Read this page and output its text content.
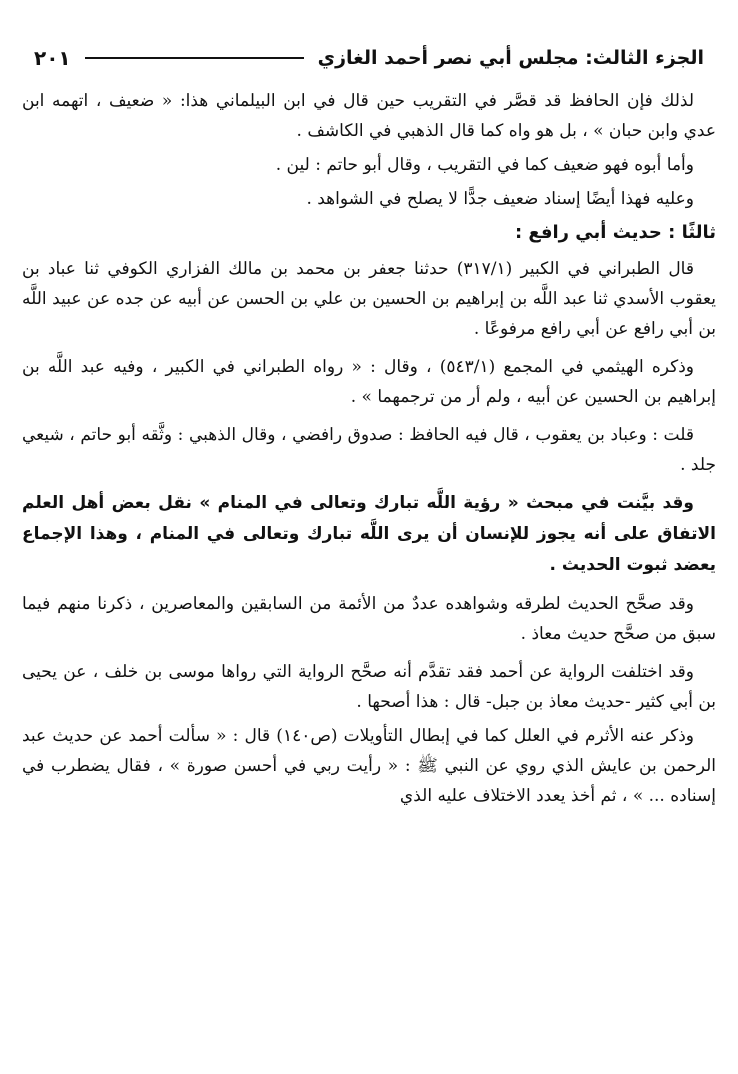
الجزء الثالث: مجلس أبي نصر أحمد الغازي
٢٠١

لذلك فإن الحافظ قد قصَّر في التقريب حين قال في ابن البيلماني هذا: « ضعيف ، اتهمه ابن عدي وابن حبان » ، بل هو واه كما قال الذهبي في الكاشف .

وأما أبوه فهو ضعيف كما في التقريب ، وقال أبو حاتم : لين .

وعليه فهذا أيضًا إسناد ضعيف جدًّا لا يصلح في الشواهد .

ثالثًا : حديث أبي رافع :

قال الطبراني في الكبير (٣١٧/١) حدثنا جعفر بن محمد بن مالك الفزاري الكوفي ثنا عباد بن يعقوب الأسدي ثنا عبد اللَّه بن إبراهيم بن الحسين بن علي بن الحسن عن أبيه عن جده عن عبيد اللَّه بن أبي رافع عن أبي رافع مرفوعًا .

وذكره الهيثمي في المجمع (٥٤٣/١) ، وقال : « رواه الطبراني في الكبير ، وفيه عبد اللَّه بن إبراهيم بن الحسين عن أبيه ، ولم أر من ترجمهما » .

قلت : وعباد بن يعقوب ، قال فيه الحافظ : صدوق رافضي ، وقال الذهبي : وثَّقه أبو حاتم ، شيعي جلد .

وقد بيَّنت في مبحث « رؤية اللَّه تبارك وتعالى في المنام » نقل بعض أهل العلم الاتفاق على أنه يجوز للإنسان أن يرى اللَّه تبارك وتعالى في المنام ، وهذا الإجماع يعضد ثبوت الحديث .

وقد صحَّح الحديث لطرقه وشواهده عددٌ من الأئمة من السابقين والمعاصرين ، ذكرنا منهم فيما سبق من صحَّح حديث معاذ .

وقد اختلفت الرواية عن أحمد فقد تقدَّم أنه صحَّح الرواية التي رواها موسى بن خلف ، عن يحيى بن أبي كثير -حديث معاذ بن جبل- قال : هذا أصحها .

وذكر عنه الأثرم في العلل كما في إبطال التأويلات (ص١٤٠) قال : « سألت أحمد عن حديث عبد الرحمن بن عايش الذي روي عن النبي ﷺ : « رأيت ربي في أحسن صورة » ، فقال يضطرب في إسناده ... » ، ثم أخذ يعدد الاختلاف عليه الذي
